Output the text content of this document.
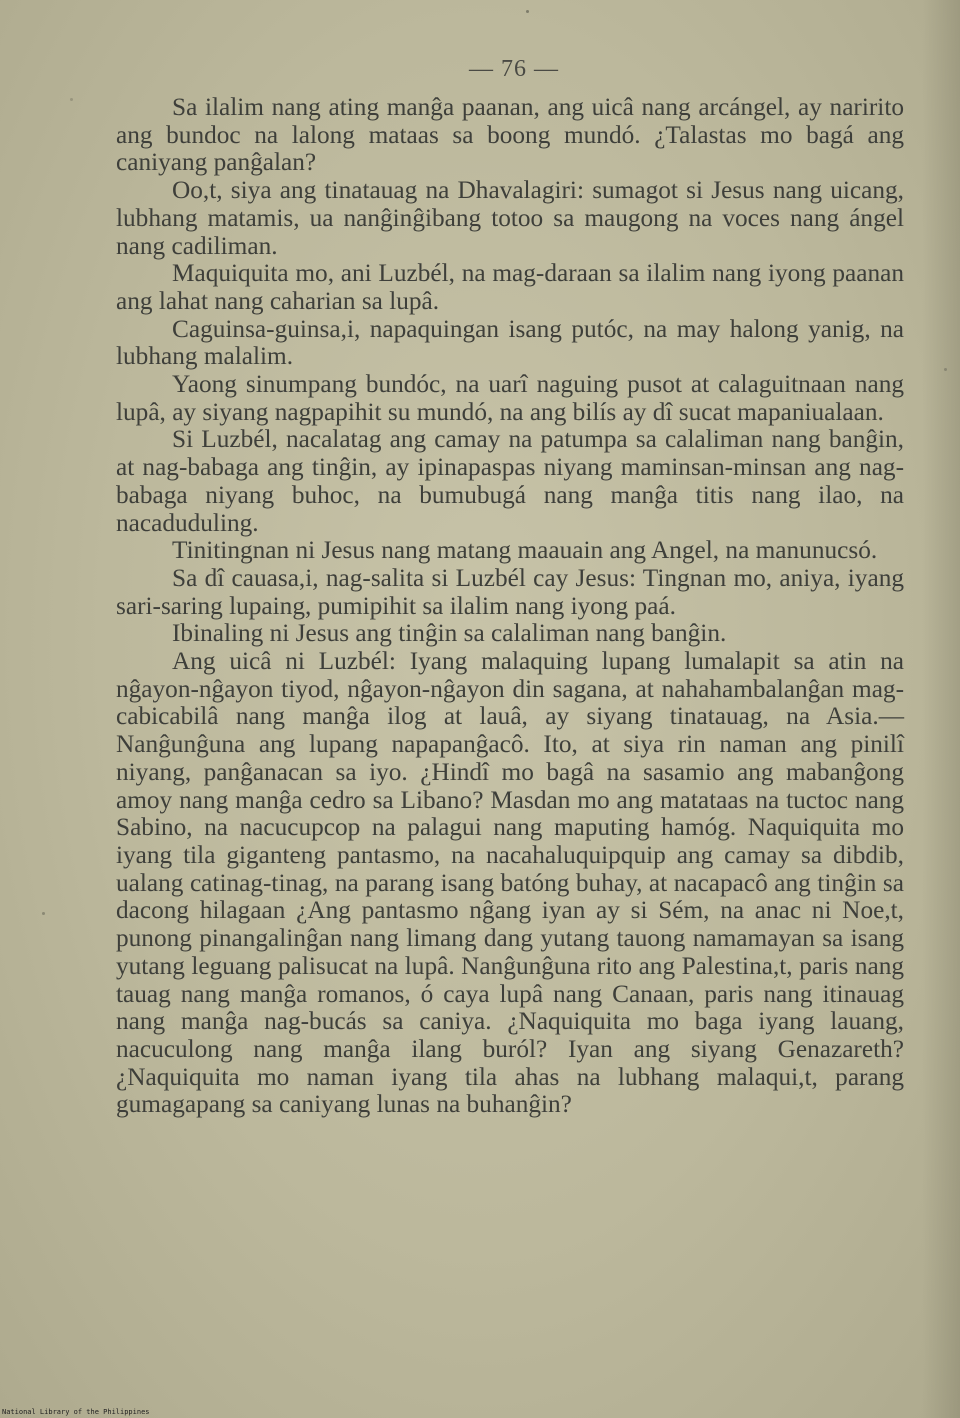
— 76 —

Sa ilalim nang ating manĝa paanan, ang uicâ nang arcángel, ay naririto ang bundoc na lalong mataas sa boong mundó. ¿Talastas mo bagá ang caniyang panĝalan?

Oo,t, siya ang tinatauag na Dhavalagiri: sumagot si Jesus nang uicang, lubhang matamis, ua nanĝinĝibang totoo sa maugong na voces nang ángel nang cadiliman.

Maquiquita mo, ani Luzbél, na mag-daraan sa ilalim nang iyong paanan ang lahat nang caharian sa lupâ.

Caguinsa-guinsa,i, napaquingan isang putóc, na may halong yanig, na lubhang malalim.

Yaong sinumpang bundóc, na uarî naguing pusot at calaguitnaan nang lupâ, ay siyang nagpapihit su mundó, na ang bilís ay dî sucat mapaniualaan.

Si Luzbél, nacalatag ang camay na patumpa sa calaliman nang banĝin, at nag-babaga ang tinĝin, ay ipinapaspas niyang maminsan-minsan ang nag-babaga niyang buhoc, na bumubugá nang manĝa titis nang ilao, na nacaduduling.

Tinitingnan ni Jesus nang matang maauain ang Angel, na manunucsó.

Sa dî cauasa,i, nag-salita si Luzbél cay Jesus: Tingnan mo, aniya, iyang sari-saring lupaing, pumipihit sa ilalim nang iyong paá.

Ibinaling ni Jesus ang tinĝin sa calaliman nang banĝin.

Ang uicâ ni Luzbél: Iyang malaquing lupang lumalapit sa atin na nĝayon-nĝayon tiyod, nĝayon-nĝayon din sagana, at nahahambalanĝan mag-cabicabilâ nang manĝa ilog at lauâ, ay siyang tinatauag, na Asia.—Nanĝunĝuna ang lupang napapanĝacô. Ito, at siya rin naman ang pinilî niyang, panĝanacan sa iyo. ¿Hindî mo bagâ na sasamio ang mabanĝong amoy nang manĝa cedro sa Libano? Masdan mo ang matataas na tuctoc nang Sabino, na nacucupcop na palagui nang maputing hamóg. Naquiquita mo iyang tila giganteng pantasmo, na nacahaluquipquip ang camay sa dibdib, ualang catinag-tinag, na parang isang batóng buhay, at nacapacô ang tinĝin sa dacong hilagaan ¿Ang pantasmo nĝang iyan ay si Sém, na anac ni Noe,t, punong pinangalinĝan nang limang dang yutang tauong namamayan sa isang yutang leguang palisucat na lupâ. Nanĝunĝuna rito ang Palestina,t, paris nang tauag nang manĝa romanos, ó caya lupâ nang Canaan, paris nang itinauag nang manĝa nag-bucás sa caniya. ¿Naquiquita mo baga iyang lauang, nacuculong nang manĝa ilang buról? Iyan ang siyang Genazareth? ¿Naquiquita mo naman iyang tila ahas na lubhang malaqui,t, parang gumagapang sa caniyang lunas na buhanĝin?

National Library of the Philippines
